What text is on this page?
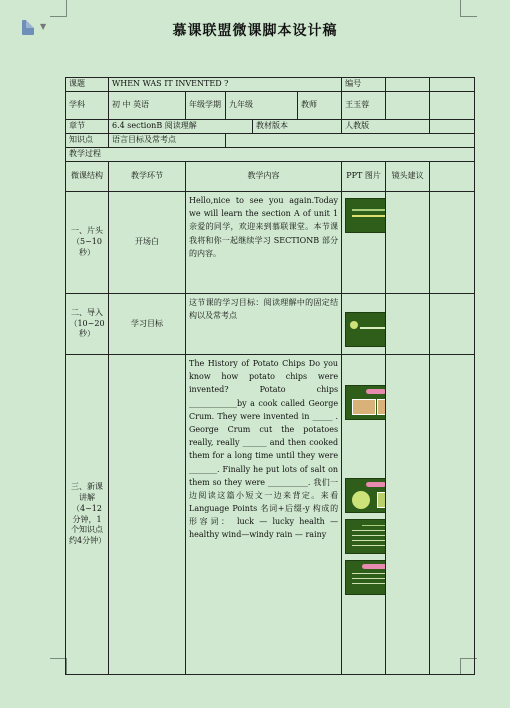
▼	慕课联盟微课脚本设计稿
课题	WHEN WAS IT INVENTED ?					编号		
学科	初 中 英语	年级学期	九年级		教师	王玉蓉		
章节	6.4 sectionB 阅读理解			教材版本		人教版		
知识点	语言目标及常考点							
教学过程								
微课结构	教学环节	教学内容				PPT 图片	镜头建议	
一、片头（5~10秒）	开场白	Hello,nice to see you again.Today we will learn the section A of unit 1 亲爱的同学，欢迎来到慕联课堂。本节课我将和你一起继续学习 SECTIONB 部分的内容。				

二、导入（10~20秒）	学习目标	这节课的学习目标：阅读理解中的固定结构以及常考点				

三、新课讲解（4~12分钟，1个知识点约4分钟）		The History of Potato Chips Do you know how potato chips were invented? Potato chips ____________by a cook called George Crum. They were invented in _____ . George Crum cut the potatoes really, really ______ and then cooked them for a long time until they were _______. Finally he put lots of salt on them so they were __________. 我们一边阅读这篇小短文一边来背定。来看 Language Points 名词+后缀-y 构成的形容词： luck — lucky health — healthy wind—windy rain — rainy				
